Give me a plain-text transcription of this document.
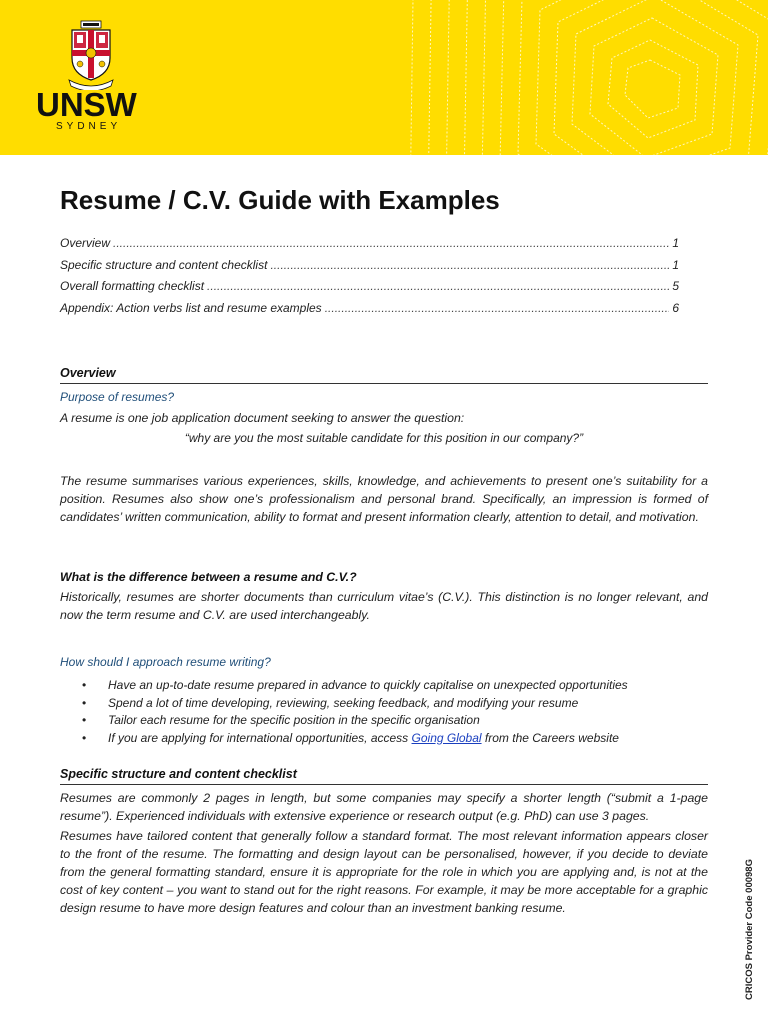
UNSW
SYDNEY
Resume / C.V. Guide with Examples
Overview .....	1
Specific structure and content checklist .....	1
Overall formatting checklist .....	5
Appendix: Action verbs list and resume examples .....	6
Overview
Purpose of resumes?
A resume is one job application document seeking to answer the question:
“why are you the most suitable candidate for this position in our company?”

The resume summarises various experiences, skills, knowledge, and achievements to present one’s suitability for a position. Resumes also show one’s professionalism and personal brand. Specifically, an impression is formed of candidates’ written communication, ability to format and present information clearly, attention to detail, and motivation.

What is the difference between a resume and C.V.?

Historically, resumes are shorter documents than curriculum vitae’s (C.V.). This distinction is no longer relevant, and now the term resume and C.V. are used interchangeably.

How should I approach resume writing?
• Have an up-to-date resume prepared in advance to quickly capitalise on unexpected opportunities
• Spend a lot of time developing, reviewing, seeking feedback, and modifying your resume
• Tailor each resume for the specific position in the specific organisation
• If you are applying for international opportunities, access Going Global from the Careers website
Specific structure and content checklist

Resumes are commonly 2 pages in length, but some companies may specify a shorter length (“submit a 1-page resume”). Experienced individuals with extensive experience or research output (e.g. PhD) can use 3 pages.

Resumes have tailored content that generally follow a standard format. The most relevant information appears closer to the front of the resume. The formatting and design layout can be personalised, however, if you decide to deviate from the general formatting standard, ensure it is appropriate for the role in which you are applying and, is not at the cost of key content – you want to stand out for the right reasons. For example, it may be more acceptable for a graphic design resume to have more design features and colour than an investment banking resume.	CRICOS Provider Code 00098G
